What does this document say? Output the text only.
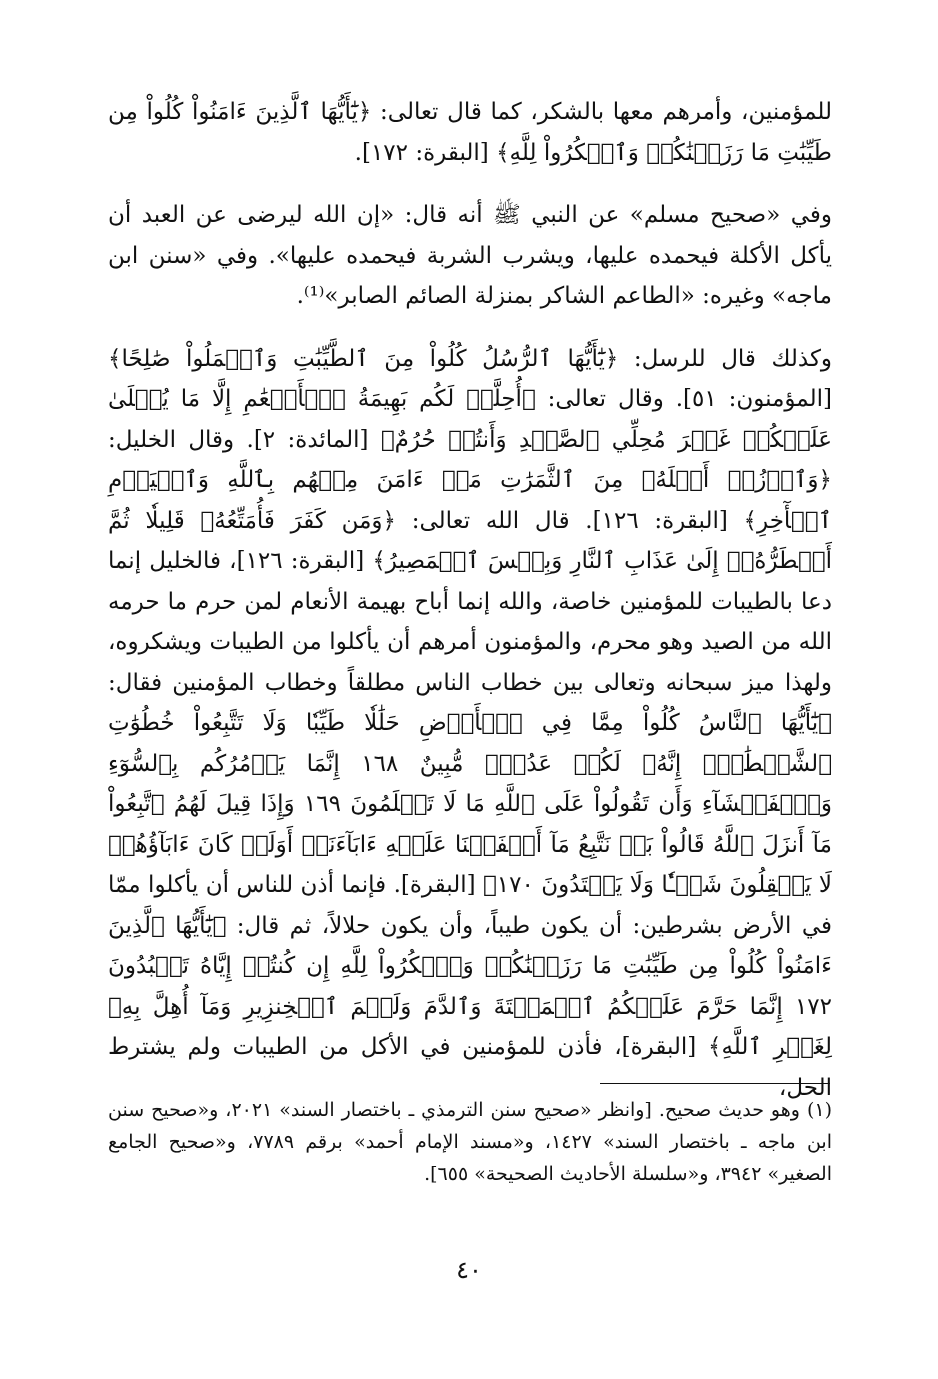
للمؤمنين، وأمرهم معها بالشكر، كما قال تعالى: ﴿يَٰٓأَيُّهَا ٱلَّذِينَ ءَامَنُواْ كُلُواْ مِن طَيِّبَٰتِ مَا رَزَقۡنَٰكُمۡ وَٱشۡكُرُواْ لِلَّهِ﴾ [البقرة: ١٧٢].

وفي «صحيح مسلم» عن النبي ﷺ أنه قال: «إن الله ليرضى عن العبد أن يأكل الأكلة فيحمده عليها، ويشرب الشربة فيحمده عليها». وفي «سنن ابن ماجه» وغيره: «الطاعم الشاكر بمنزلة الصائم الصابر»⁽¹⁾.

وكذلك قال للرسل: ﴿يَٰٓأَيُّهَا ٱلرُّسُلُ كُلُواْ مِنَ ٱلطَّيِّبَٰتِ وَٱعۡمَلُواْ صَٰلِحًا﴾ [المؤمنون: ٥١]. وقال تعالى: ﴿أُحِلَّتۡ لَكُم بَهِيمَةُ ٱلۡأَنۡعَٰمِ إِلَّا مَا يُتۡلَىٰ عَلَيۡكُمۡ غَيۡرَ مُحِلِّي ٱلصَّيۡدِ وَأَنتُمۡ حُرُمٌ﴾ [المائدة: ٢]. وقال الخليل: ﴿وَٱرۡزُقۡ أَهۡلَهُۥ مِنَ ٱلثَّمَرَٰتِ مَنۡ ءَامَنَ مِنۡهُم بِٱللَّهِ وَٱلۡيَوۡمِ ٱلۡأٓخِرِ﴾ [البقرة: ١٢٦]. قال الله تعالى: ﴿وَمَن كَفَرَ فَأُمَتِّعُهُۥ قَلِيلٗا ثُمَّ أَضۡطَرُّهُۥٓ إِلَىٰ عَذَابِ ٱلنَّارِ وَبِئۡسَ ٱلۡمَصِيرُ﴾ [البقرة: ١٢٦]، فالخليل إنما دعا بالطيبات للمؤمنين خاصة، والله إنما أباح بهيمة الأنعام لمن حرم ما حرمه الله من الصيد وهو محرم، والمؤمنون أمرهم أن يأكلوا من الطيبات ويشكروه، ولهذا ميز سبحانه وتعالى بين خطاب الناس مطلقاً وخطاب المؤمنين فقال: ﴿يَٰٓأَيُّهَا ٱلنَّاسُ كُلُواْ مِمَّا فِي ٱلۡأَرۡضِ حَلَٰلٗا طَيِّبٗا وَلَا تَتَّبِعُواْ خُطُوَٰتِ ٱلشَّيۡطَٰنِۚ إِنَّهُۥ لَكُمۡ عَدُوّٞ مُّبِينٌ ١٦٨ إِنَّمَا يَأۡمُرُكُم بِٱلسُّوٓءِ وَٱلۡفَحۡشَآءِ وَأَن تَقُولُواْ عَلَى ٱللَّهِ مَا لَا تَعۡلَمُونَ ١٦٩ وَإِذَا قِيلَ لَهُمُ ٱتَّبِعُواْ مَآ أَنزَلَ ٱللَّهُ قَالُواْ بَلۡ نَتَّبِعُ مَآ أَلۡفَيۡنَا عَلَيۡهِ ءَابَآءَنَآۚ أَوَلَوۡ كَانَ ءَابَآؤُهُمۡ لَا يَعۡقِلُونَ شَيۡـٔٗا وَلَا يَهۡتَدُونَ ١٧٠﴾ [البقرة]. فإنما أذن للناس أن يأكلوا ممّا في الأرض بشرطين: أن يكون طيباً، وأن يكون حلالاً، ثم قال: ﴿يَٰٓأَيُّهَا ٱلَّذِينَ ءَامَنُواْ كُلُواْ مِن طَيِّبَٰتِ مَا رَزَقۡنَٰكُمۡ وَٱشۡكُرُواْ لِلَّهِ إِن كُنتُمۡ إِيَّاهُ تَعۡبُدُونَ ١٧٢ إِنَّمَا حَرَّمَ عَلَيۡكُمُ ٱلۡمَيۡتَةَ وَٱلدَّمَ وَلَحۡمَ ٱلۡخِنزِيرِ وَمَآ أُهِلَّ بِهِۦ لِغَيۡرِ ٱللَّهِ﴾ [البقرة]، فأذن للمؤمنين في الأكل من الطيبات ولم يشترط الحل،

(١) وهو حديث صحيح. [وانظر «صحيح سنن الترمذي ـ باختصار السند» ٢٠٢١، و«صحيح سنن ابن ماجه ـ باختصار السند» ١٤٢٧، و«مسند الإمام أحمد» برقم ٧٧٨٩، و«صحيح الجامع الصغير» ٣٩٤٢، و«سلسلة الأحاديث الصحيحة» ٦٥٥].
٤٠
